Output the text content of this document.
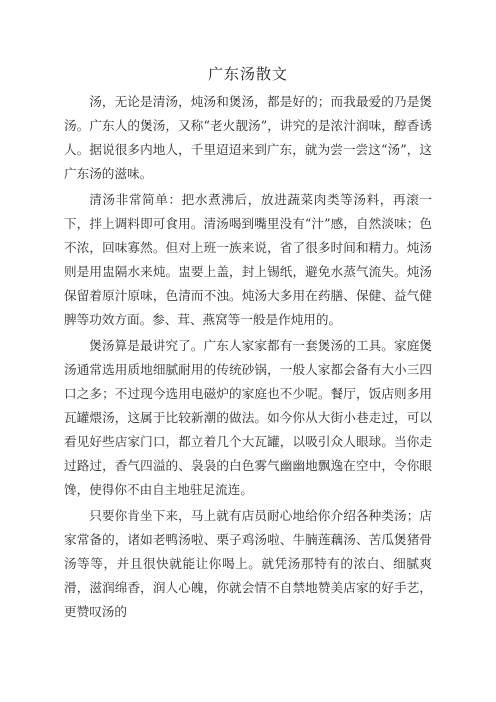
广东汤散文

汤，无论是清汤，炖汤和煲汤，都是好的；而我最爱的乃是煲汤。广东人的煲汤，又称“老火靓汤”，讲究的是浓汁润味，醇香诱人。据说很多内地人，千里迢迢来到广东，就为尝一尝这“汤”，这广东汤的滋味。

清汤非常简单：把水煮沸后，放进蔬菜肉类等汤料，再滚一下，拌上调料即可食用。清汤喝到嘴里没有“汁”感，自然淡味；色不浓，回味寡然。但对上班一族来说，省了很多时间和精力。炖汤则是用盅隔水来炖。盅要上盖，封上锡纸，避免水蒸气流失。炖汤保留着原汁原味，色清而不浊。炖汤大多用在药膳、保健、益气健脾等功效方面。参、茸、燕窝等一般是作炖用的。

煲汤算是最讲究了。广东人家家都有一套煲汤的工具。家庭煲汤通常选用质地细腻耐用的传统砂锅，一般人家都会备有大小三四口之多；不过现今选用电磁炉的家庭也不少呢。餐厅，饭店则多用瓦罐煨汤，这属于比较新潮的做法。如今你从大街小巷走过，可以看见好些店家门口，都立着几个大瓦罐，以吸引众人眼球。当你走过路过，香气四溢的、袅袅的白色雾气幽幽地飘逸在空中，令你眼馋，使得你不由自主地驻足流连。

只要你肯坐下来，马上就有店员耐心地给你介绍各种类汤；店家常备的，诸如老鸭汤啦、栗子鸡汤啦、牛腩莲藕汤、苦瓜煲猪骨汤等等，并且很快就能让你喝上。就凭汤那特有的浓白、细腻爽滑，滋润绵香，润人心魄，你就会情不自禁地赞美店家的好手艺，更赞叹汤的
